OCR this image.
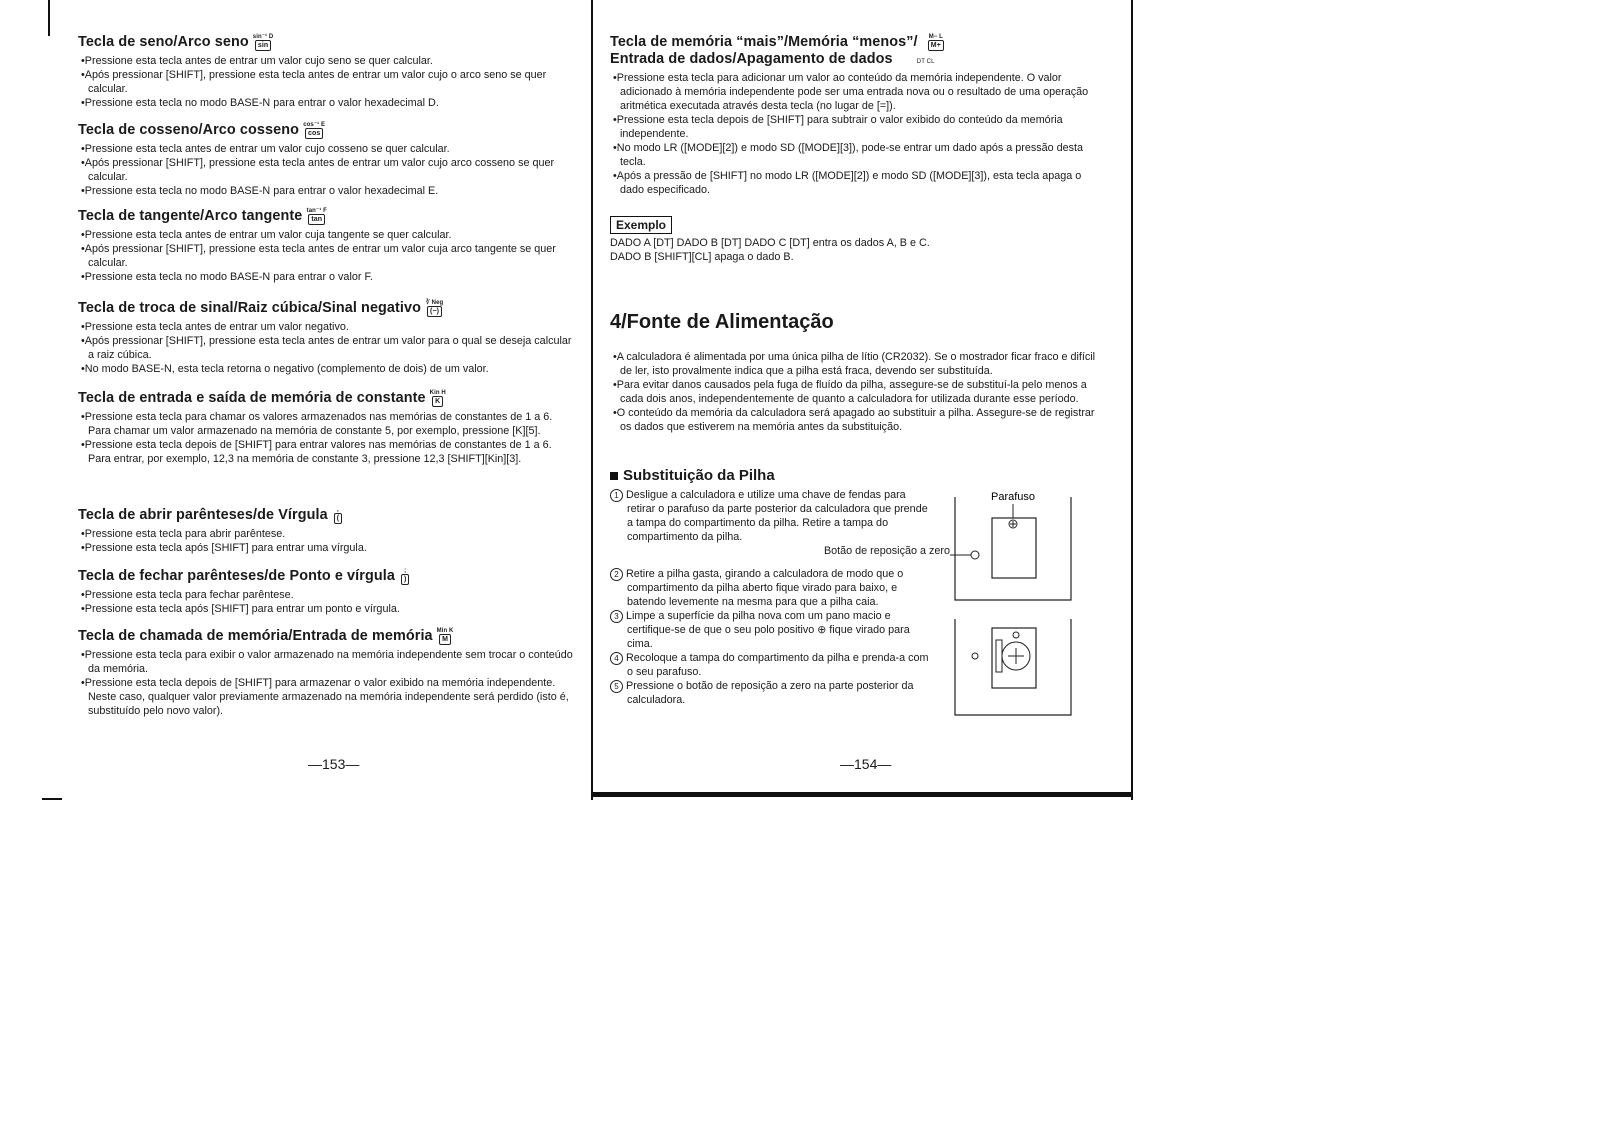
Tecla de seno/Arco seno $\frac{\text{sin⁻¹ D}}{\sin}$

•Pressione esta tecla antes de entrar um valor cujo seno se quer calcular.

•Após pressionar [SHIFT], pressione esta tecla antes de entrar um valor cujo o arco seno se quer calcular.

•Pressione esta tecla no modo BASE-N para entrar o valor hexadecimal D.

Tecla de cosseno/Arco cosseno $\frac{\text{cos⁻¹ E}}{\cos}$

•Pressione esta tecla antes de entrar um valor cujo cosseno se quer calcular.

•Após pressionar [SHIFT], pressione esta tecla antes de entrar um valor cujo arco cosseno se quer calcular.

•Pressione esta tecla no modo BASE-N para entrar o valor hexadecimal E.

Tecla de tangente/Arco tangente $\frac{\text{tan⁻¹ F}}{\tan}$

•Pressione esta tecla antes de entrar um valor cuja tangente se quer calcular.

•Após pressionar [SHIFT], pressione esta tecla antes de entrar um valor cuja arco tangente se quer calcular.

•Pressione esta tecla no modo BASE-N para entrar o valor F.

Tecla de troca de sinal/Raiz cúbica/Sinal negativo ∛ Neg
(−)

•Pressione esta tecla antes de entrar um valor negativo.

•Após pressionar [SHIFT], pressione esta tecla antes de entrar um valor para o qual se deseja calcular a raiz cúbica.

•No modo BASE-N, esta tecla retorna o negativo (complemento de dois) de um valor.

Tecla de entrada e saída de memória de constante Kin H
K

•Pressione esta tecla para chamar os valores armazenados nas memórias de constantes de 1 a 6. Para chamar um valor armazenado na memória de constante 5, por exemplo, pressione [K][5].

•Pressione esta tecla depois de [SHIFT] para entrar valores nas memórias de constantes de 1 a 6. Para entrar, por exemplo, 12,3 na memória de constante 3, pressione 12,3 [SHIFT][Kin][3].

Tecla de abrir parênteses/de Vírgula	,
(

•Pressione esta tecla para abrir parêntese.

•Pressione esta tecla após [SHIFT] para entrar uma vírgula.

Tecla de fechar parênteses/de Ponto e vírgula	;
)

•Pressione esta tecla para fechar parêntese.

•Pressione esta tecla após [SHIFT] para entrar um ponto e vírgula.

Tecla de chamada de memória/Entrada de memória Min K
M

•Pressione esta tecla para exibir o valor armazenado na memória independente sem trocar o conteúdo da memória.

•Pressione esta tecla depois de [SHIFT] para armazenar o valor exibido na memória independente. Neste caso, qualquer valor previamente armazenado na memória independente será perdido (isto é, substituído pelo novo valor).

—153—
Tecla de memória “mais”/Memória “menos”/ $\frac{M- L}{M+}$
Entrada de dados/Apagamento de dados	DT CL

•Pressione esta tecla para adicionar um valor ao conteúdo da memória independente. O valor adicionado à memória independente pode ser uma entrada nova ou o resultado de uma operação aritmética executada através desta tecla (no lugar de [=]).

•Pressione esta tecla depois de [SHIFT] para subtrair o valor exibido do conteúdo da memória independente.

•No modo LR ([MODE][2]) e modo SD ([MODE][3]), pode-se entrar um dado após a pressão desta tecla.

•Após a pressão de [SHIFT] no modo LR ([MODE][2]) e modo SD ([MODE][3]), esta tecla apaga o dado especificado.

Exemplo

DADO A [DT] DADO B [DT] DADO C [DT] entra os dados A, B e C.

DADO B [SHIFT][CL] apaga o dado B.

4/Fonte de Alimentação

•A calculadora é alimentada por uma única pilha de lítio (CR2032). Se o mostrador ficar fraco e difícil de ler, isto provalmente indica que a pilha está fraca, devendo ser substituída.

•Para evitar danos causados pela fuga de fluído da pilha, assegure-se de substituí-la pelo menos a cada dois anos, independentemente de quanto a calculadora for utilizada durante esse período.

•O conteúdo da memória da calculadora será apagado ao substituir a pilha. Assegure-se de registrar os dados que estiverem na memória antes da substituição.

Substituição da Pilha

1 Desligue a calculadora e utilize uma chave de fendas para retirar o parafuso da parte posterior da calculadora que prende a tampa do compartimento da pilha. Retire a tampa do compartimento da pilha.

Botão de reposição a zero

2 Retire a pilha gasta, girando a calculadora de modo que o compartimento da pilha aberto fique virado para baixo, e batendo levemente na mesma para que a pilha caia.

3 Limpe a superfície da pilha nova com um pano macio e certifique-se de que o seu polo positivo ⊕ fique virado para cima.

4 Recoloque a tampa do compartimento da pilha e prenda-a com o seu parafuso.

5 Pressione o botão de reposição a zero na parte posterior da calculadora.

Parafuso
—154—
